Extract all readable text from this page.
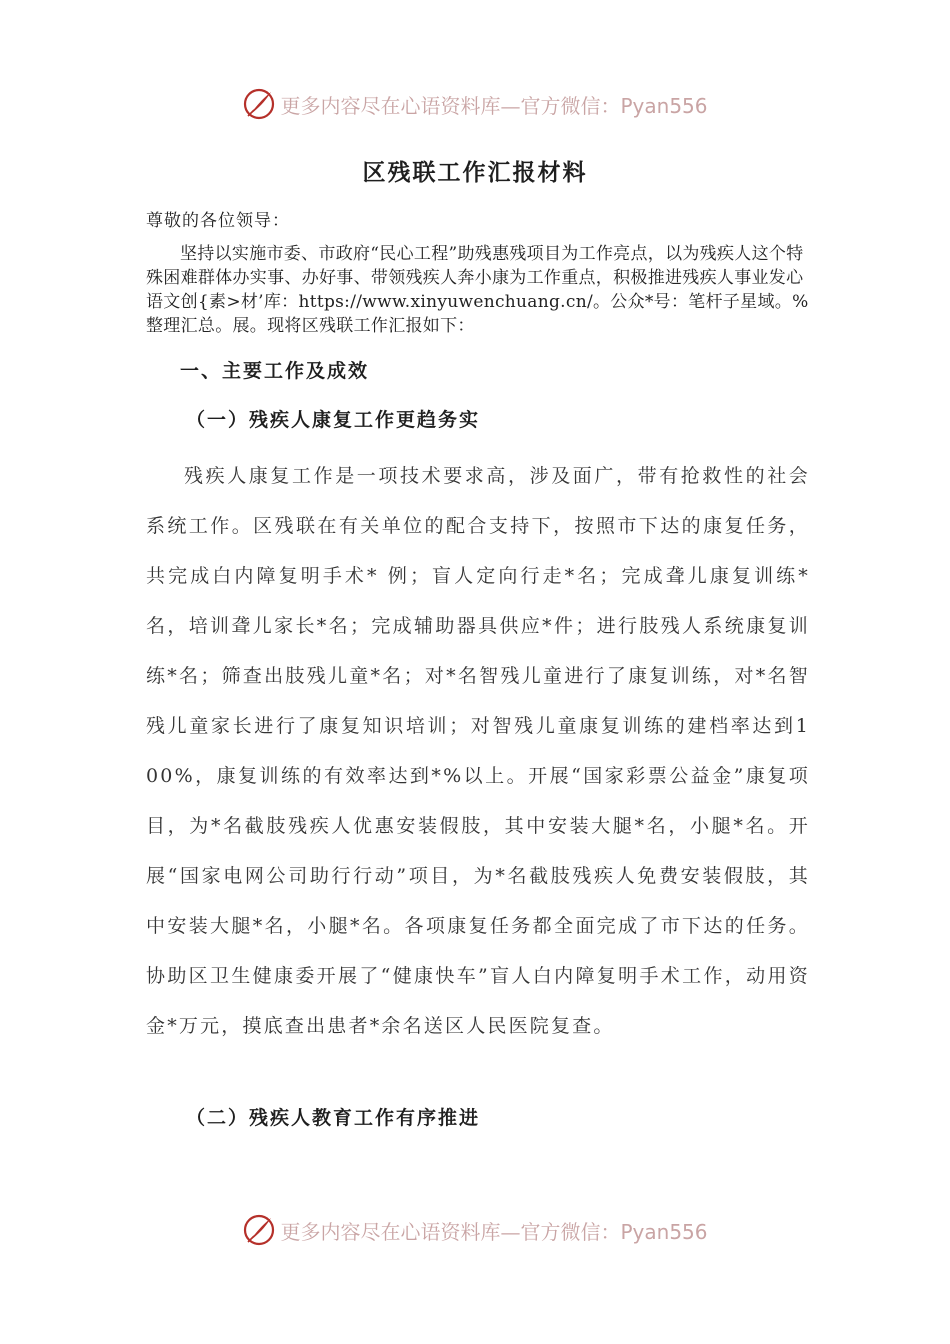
更多内容尽在心语资料库—官方微信：Pyan556
区残联工作汇报材料
尊敬的各位领导：
坚持以实施市委、市政府“民心工程”助残惠残项目为工作亮点，以为残疾人这个特殊困难群体办实事、办好事、带领残疾人奔小康为工作重点，积极推进残疾人事业发心语文创{素>材’库：https://www.xinyuwenchuang.cn/。公众*号：笔杆子星域。%整理汇总。展。现将区残联工作汇报如下：
一、主要工作及成效
（一）残疾人康复工作更趋务实
残疾人康复工作是一项技术要求高，涉及面广，带有抢救性的社会系统工作。区残联在有关单位的配合支持下，按照市下达的康复任务，共完成白内障复明手术* 例；盲人定向行走*名；完成聋儿康复训练*名，培训聋儿家长*名；完成辅助器具供应*件；进行肢残人系统康复训练*名；筛查出肢残儿童*名；对*名智残儿童进行了康复训练，对*名智残儿童家长进行了康复知识培训；对智残儿童康复训练的建档率达到100%，康复训练的有效率达到*%以上。开展“国家彩票公益金”康复项目，为*名截肢残疾人优惠安装假肢，其中安装大腿*名，小腿*名。开展“国家电网公司助行行动”项目，为*名截肢残疾人免费安装假肢，其中安装大腿*名，小腿*名。各项康复任务都全面完成了市下达的任务。协助区卫生健康委开展了“健康快车”盲人白内障复明手术工作，动用资金*万元，摸底查出患者*余名送区人民医院复查。
（二）残疾人教育工作有序推进
更多内容尽在心语资料库—官方微信：Pyan556
